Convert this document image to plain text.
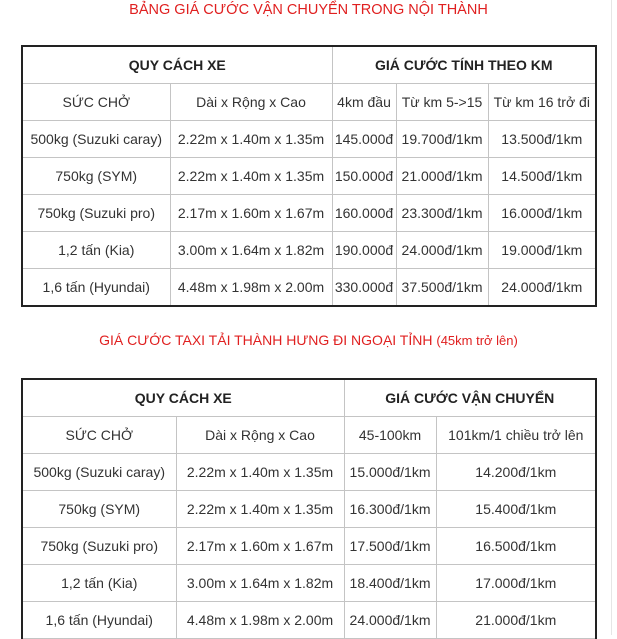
BẢNG GIÁ CƯỚC VẬN CHUYỂN TRONG NỘI THÀNH
QUY CÁCH XE		GIÁ CƯỚC TÍNH THEO KM		
SỨC CHỞ	Dài x Rộng x Cao	4km đầu	Từ km 5->15	Từ km 16 trở đi
500kg (Suzuki caray)	2.22m x 1.40m x 1.35m	145.000đ	19.700đ/1km	13.500đ/1km
750kg (SYM)	2.22m x 1.40m x 1.35m	150.000đ	21.000đ/1km	14.500đ/1km
750kg (Suzuki pro)	2.17m x 1.60m x 1.67m	160.000đ	23.300đ/1km	16.000đ/1km
1,2 tấn (Kia)	3.00m x 1.64m x 1.82m	190.000đ	24.000đ/1km	19.000đ/1km
1,6 tấn (Hyundai)	4.48m x 1.98m x 2.00m	330.000đ	37.500đ/1km	24.000đ/1km
GIÁ CƯỚC TAXI TẢI THÀNH HƯNG ĐI NGOẠI TỈNH (45km trở lên)
QUY CÁCH XE		GIÁ CƯỚC VẬN CHUYỂN	
SỨC CHỞ	Dài x Rộng x Cao	45-100km	101km/1 chiều trở lên
500kg (Suzuki caray)	2.22m x 1.40m x 1.35m	15.000đ/1km	14.200đ/1km
750kg (SYM)	2.22m x 1.40m x 1.35m	16.300đ/1km	15.400đ/1km
750kg (Suzuki pro)	2.17m x 1.60m x 1.67m	17.500đ/1km	16.500đ/1km
1,2 tấn (Kia)	3.00m x 1.64m x 1.82m	18.400đ/1km	17.000đ/1km
1,6 tấn (Hyundai)	4.48m x 1.98m x 2.00m	24.000đ/1km	21.000đ/1km
